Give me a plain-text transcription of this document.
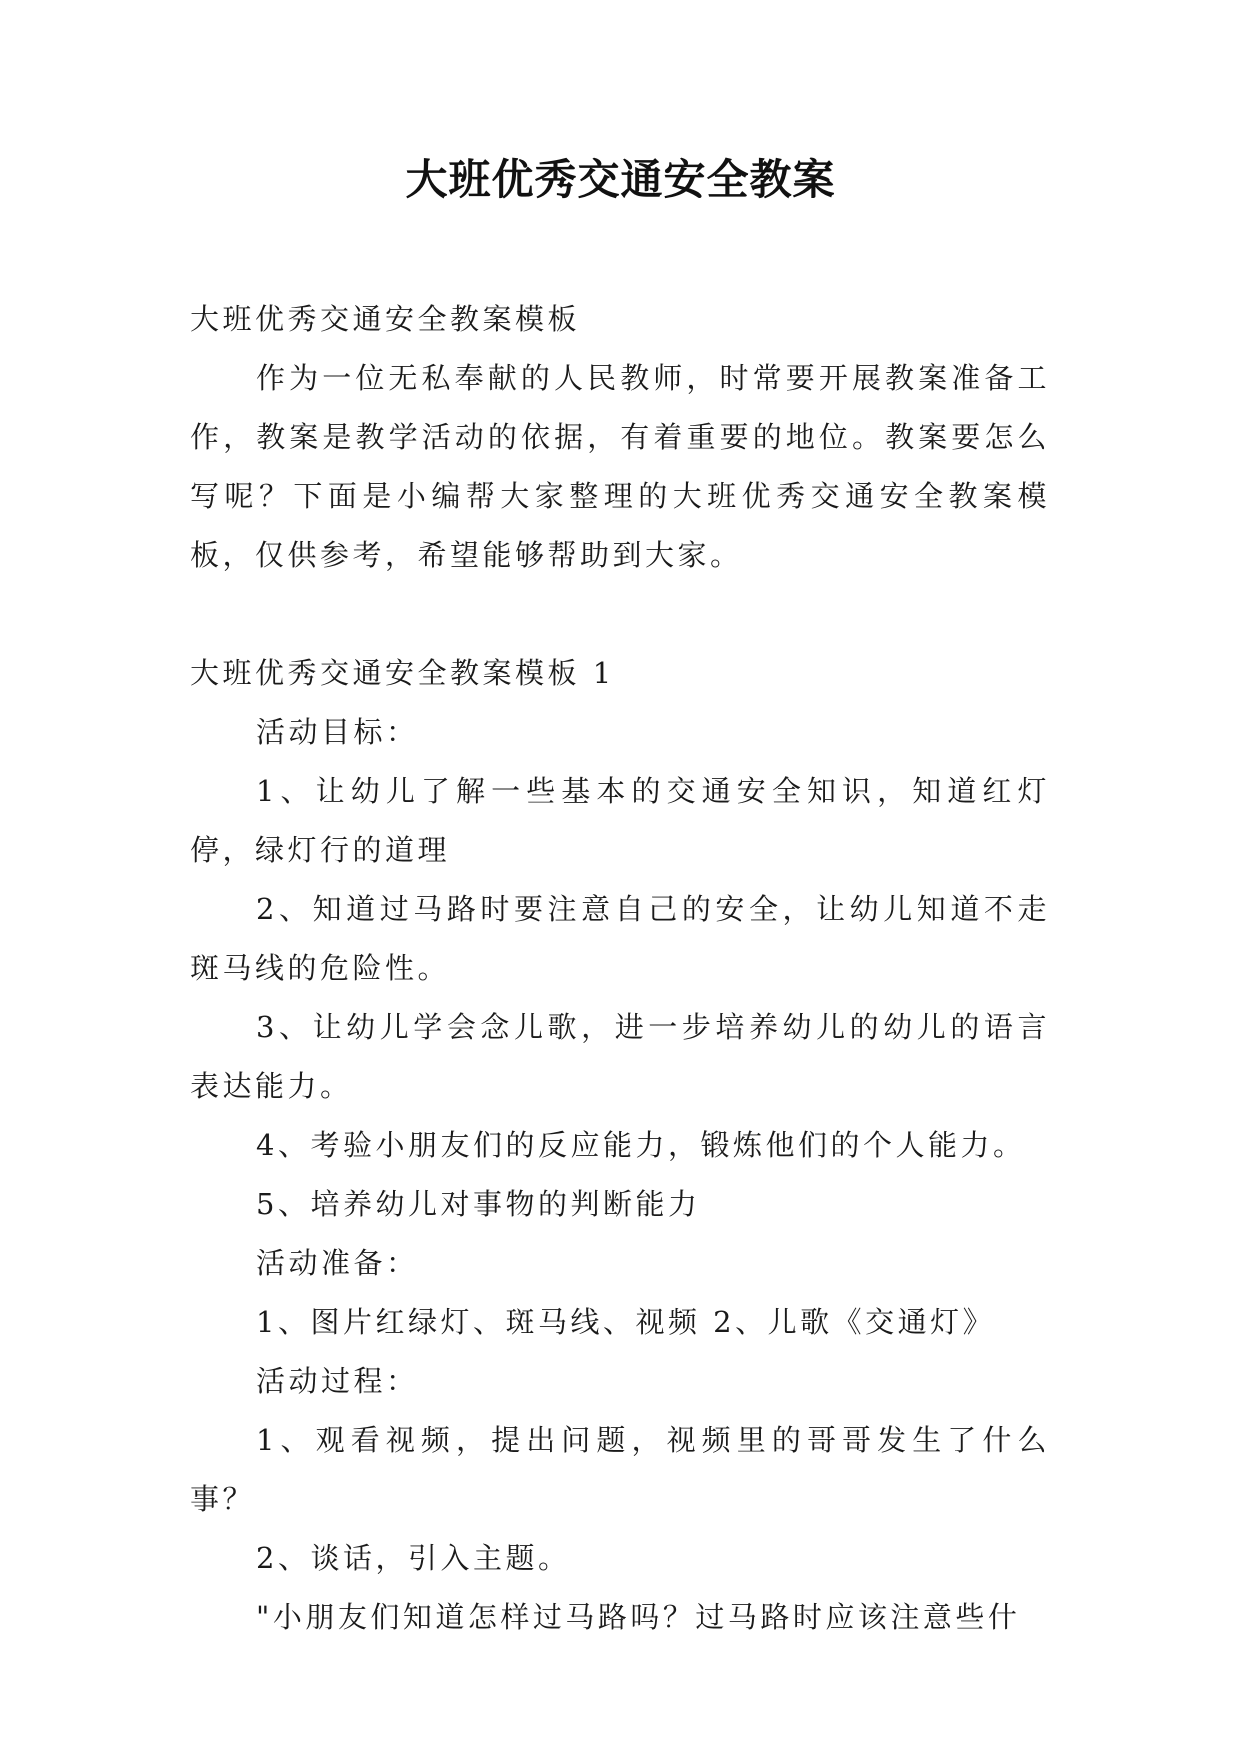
大班优秀交通安全教案

大班优秀交通安全教案模板

作为一位无私奉献的人民教师，时常要开展教案准备工作，教案是教学活动的依据，有着重要的地位。教案要怎么写呢？下面是小编帮大家整理的大班优秀交通安全教案模板，仅供参考，希望能够帮助到大家。

大班优秀交通安全教案模板 1

活动目标：

1、让幼儿了解一些基本的交通安全知识，知道红灯停，绿灯行的道理

2、知道过马路时要注意自己的安全，让幼儿知道不走斑马线的危险性。

3、让幼儿学会念儿歌，进一步培养幼儿的幼儿的语言表达能力。

4、考验小朋友们的反应能力，锻炼他们的个人能力。

5、培养幼儿对事物的判断能力

活动准备：

1、图片红绿灯、斑马线、视频 2、儿歌《交通灯》

活动过程：

1、观看视频，提出问题，视频里的哥哥发生了什么事？

2、谈话，引入主题。

"小朋友们知道怎样过马路吗？过马路时应该注意些什
